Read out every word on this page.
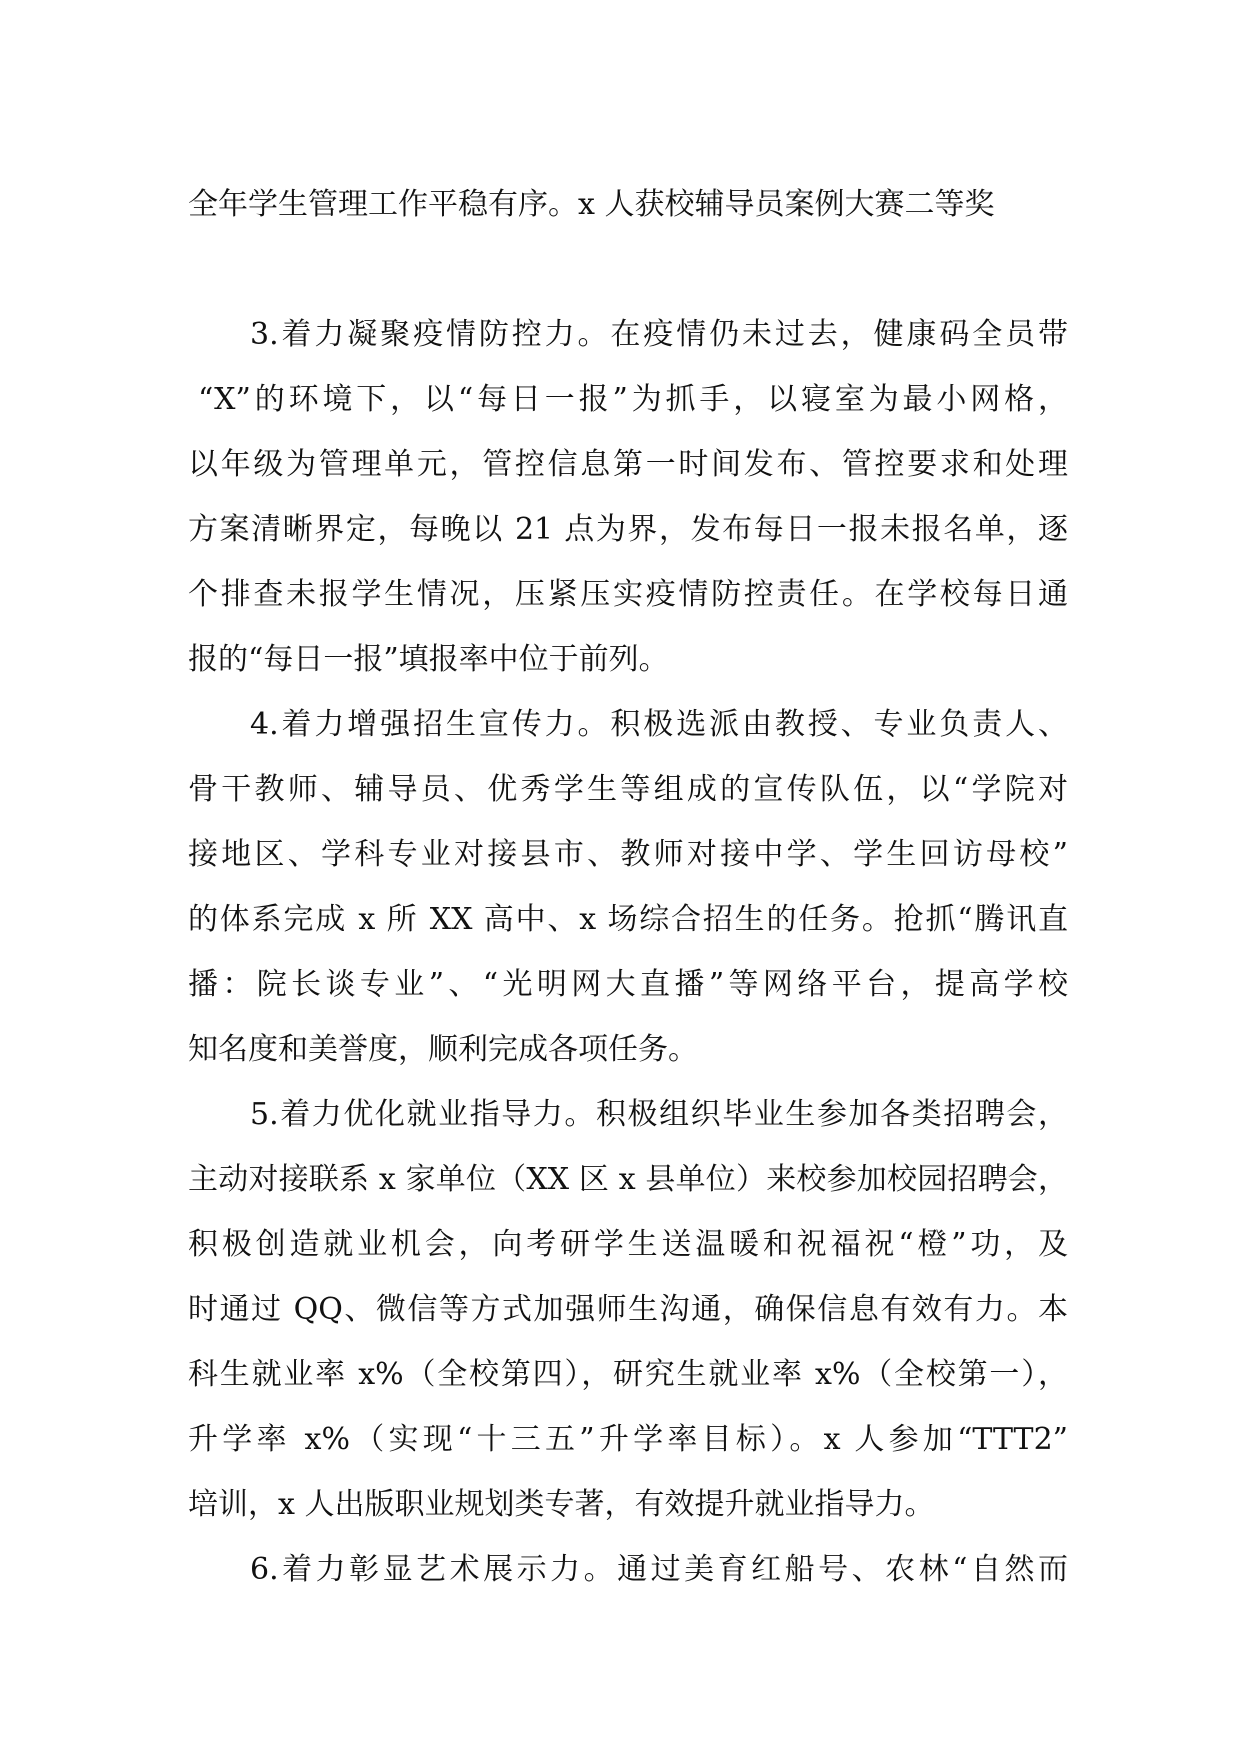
全年学生管理工作平稳有序。x 人获校辅导员案例大赛二等奖
3.着力凝聚疫情防控力。在疫情仍未过去，健康码全员带
“X”的环境下，以“每日一报”为抓手，以寝室为最小网格，
以年级为管理单元，管控信息第一时间发布、管控要求和处理
方案清晰界定，每晚以 21 点为界，发布每日一报未报名单，逐
个排查未报学生情况，压紧压实疫情防控责任。在学校每日通
报的“每日一报”填报率中位于前列。
4.着力增强招生宣传力。积极选派由教授、专业负责人、
骨干教师、辅导员、优秀学生等组成的宣传队伍，以“学院对
接地区、学科专业对接县市、教师对接中学、学生回访母校”
的体系完成 x 所 XX 高中、x 场综合招生的任务。抢抓“腾讯直
播：院长谈专业”、“光明网大直播”等网络平台，提高学校
知名度和美誉度，顺利完成各项任务。
5.着力优化就业指导力。积极组织毕业生参加各类招聘会，
主动对接联系 x 家单位（XX 区 x 县单位）来校参加校园招聘会，
积极创造就业机会，向考研学生送温暖和祝福祝“橙”功，及
时通过 QQ、微信等方式加强师生沟通，确保信息有效有力。本
科生就业率 x%（全校第四），研究生就业率 x%（全校第一），
升学率 x%（实现“十三五”升学率目标）。x 人参加“TTT2”
培训，x 人出版职业规划类专著，有效提升就业指导力。
6.着力彰显艺术展示力。通过美育红船号、农林“自然而
